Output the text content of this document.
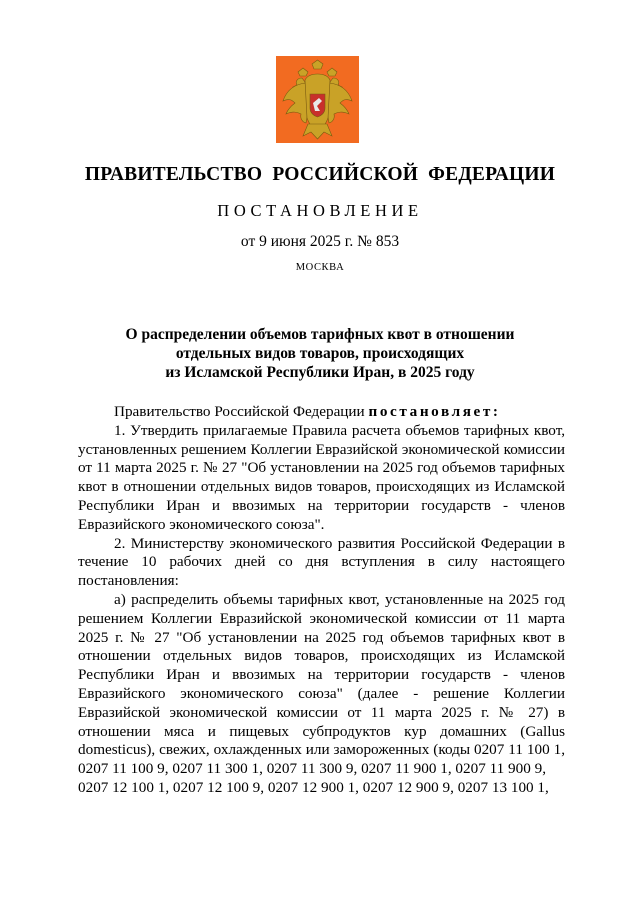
ПРАВИТЕЛЬСТВО РОССИЙСКОЙ ФЕДЕРАЦИИ
ПОСТАНОВЛЕНИЕ
от 9 июня 2025 г. № 853
МОСКВА
О распределении объемов тарифных квот в отношении
отдельных видов товаров, происходящих
из Исламской Республики Иран, в 2025 году

Правительство Российской Федерации постановляет:

1. Утвердить прилагаемые Правила расчета объемов тарифных квот, установленных решением Коллегии Евразийской экономической комиссии от 11 марта 2025 г. № 27 "Об установлении на 2025 год объемов тарифных квот в отношении отдельных видов товаров, происходящих из Исламской Республики Иран и ввозимых на территории государств - членов Евразийского экономического союза".

2. Министерству экономического развития Российской Федерации в течение 10 рабочих дней со дня вступления в силу настоящего постановления:

а) распределить объемы тарифных квот, установленные на 2025 год решением Коллегии Евразийской экономической комиссии от 11 марта 2025 г. № 27 "Об установлении на 2025 год объемов тарифных квот в отношении отдельных видов товаров, происходящих из Исламской Республики Иран и ввозимых на территории государств - членов Евразийского экономического союза" (далее - решение Коллегии Евразийской экономической комиссии от 11 марта 2025 г. № 27) в отношении мяса и пищевых субпродуктов кур домашних (Gallus domesticus), свежих, охлажденных или замороженных (коды 0207 11 100 1, 0207 11 100 9, 0207 11 300 1, 0207 11 300 9, 0207 11 900 1, 0207 11 900 9,

0207 12 100 1, 0207 12 100 9, 0207 12 900 1, 0207 12 900 9, 0207 13 100 1,
